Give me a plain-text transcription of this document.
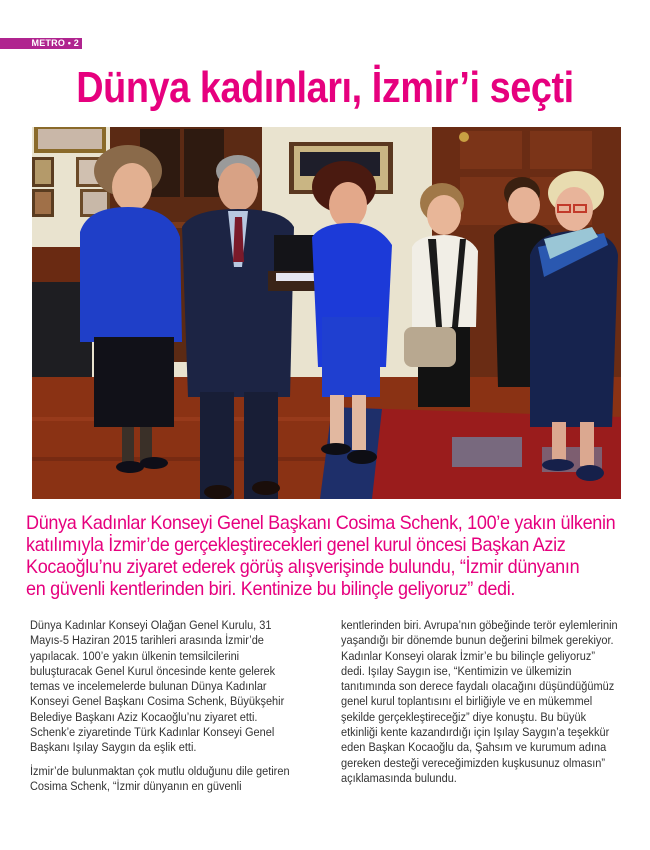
METRO • 2
Dünya kadınları, İzmir’i seçti
Dünya Kadınlar Konseyi Genel Başkanı Cosima Schenk, 100’e yakın ülkenin
katılımıyla İzmir’de gerçekleştirecekleri genel kurul öncesi Başkan Aziz
Kocaoğlu’nu ziyaret ederek görüş alışverişinde bulundu, “İzmir dünyanın
en güvenli kentlerinden biri. Kentinize bu bilinçle geliyoruz” dedi.
Dünya Kadınlar Konseyi Olağan Genel Kurulu, 31
Mayıs-5 Haziran 2015 tarihleri arasında İzmir’de
yapılacak. 100’e yakın ülkenin temsilcilerini
buluşturacak Genel Kurul öncesinde kente gelerek
temas ve incelemelerde bulunan Dünya Kadınlar
Konseyi Genel Başkanı Cosima Schenk, Büyükşehir
Belediye Başkanı Aziz Kocaoğlu’nu ziyaret etti.
Schenk’e ziyaretinde Türk Kadınlar Konseyi Genel
Başkanı Işılay Saygın da eşlik etti.
İzmir’de bulunmaktan çok mutlu olduğunu dile getiren
Cosima Schenk, “İzmir dünyanın en güvenli
kentlerinden biri. Avrupa’nın göbeğinde terör eylemlerinin
yaşandığı bir dönemde bunun değerini bilmek gerekiyor.
Kadınlar Konseyi olarak İzmir’e bu bilinçle geliyoruz”
dedi. Işılay Saygın ise, “Kentimizin ve ülkemizin
tanıtımında son derece faydalı olacağını düşündüğümüz
genel kurul toplantısını el birliğiyle ve en mükemmel
şekilde gerçekleştireceğiz” diye konuştu. Bu büyük
etkinliği kente kazandırdığı için Işılay Saygın’a teşekkür
eden Başkan Kocaoğlu da, Şahsım ve kurumum adına
gereken desteği vereceğimizden kuşkusunuz olmasın”
açıklamasında bulundu.
